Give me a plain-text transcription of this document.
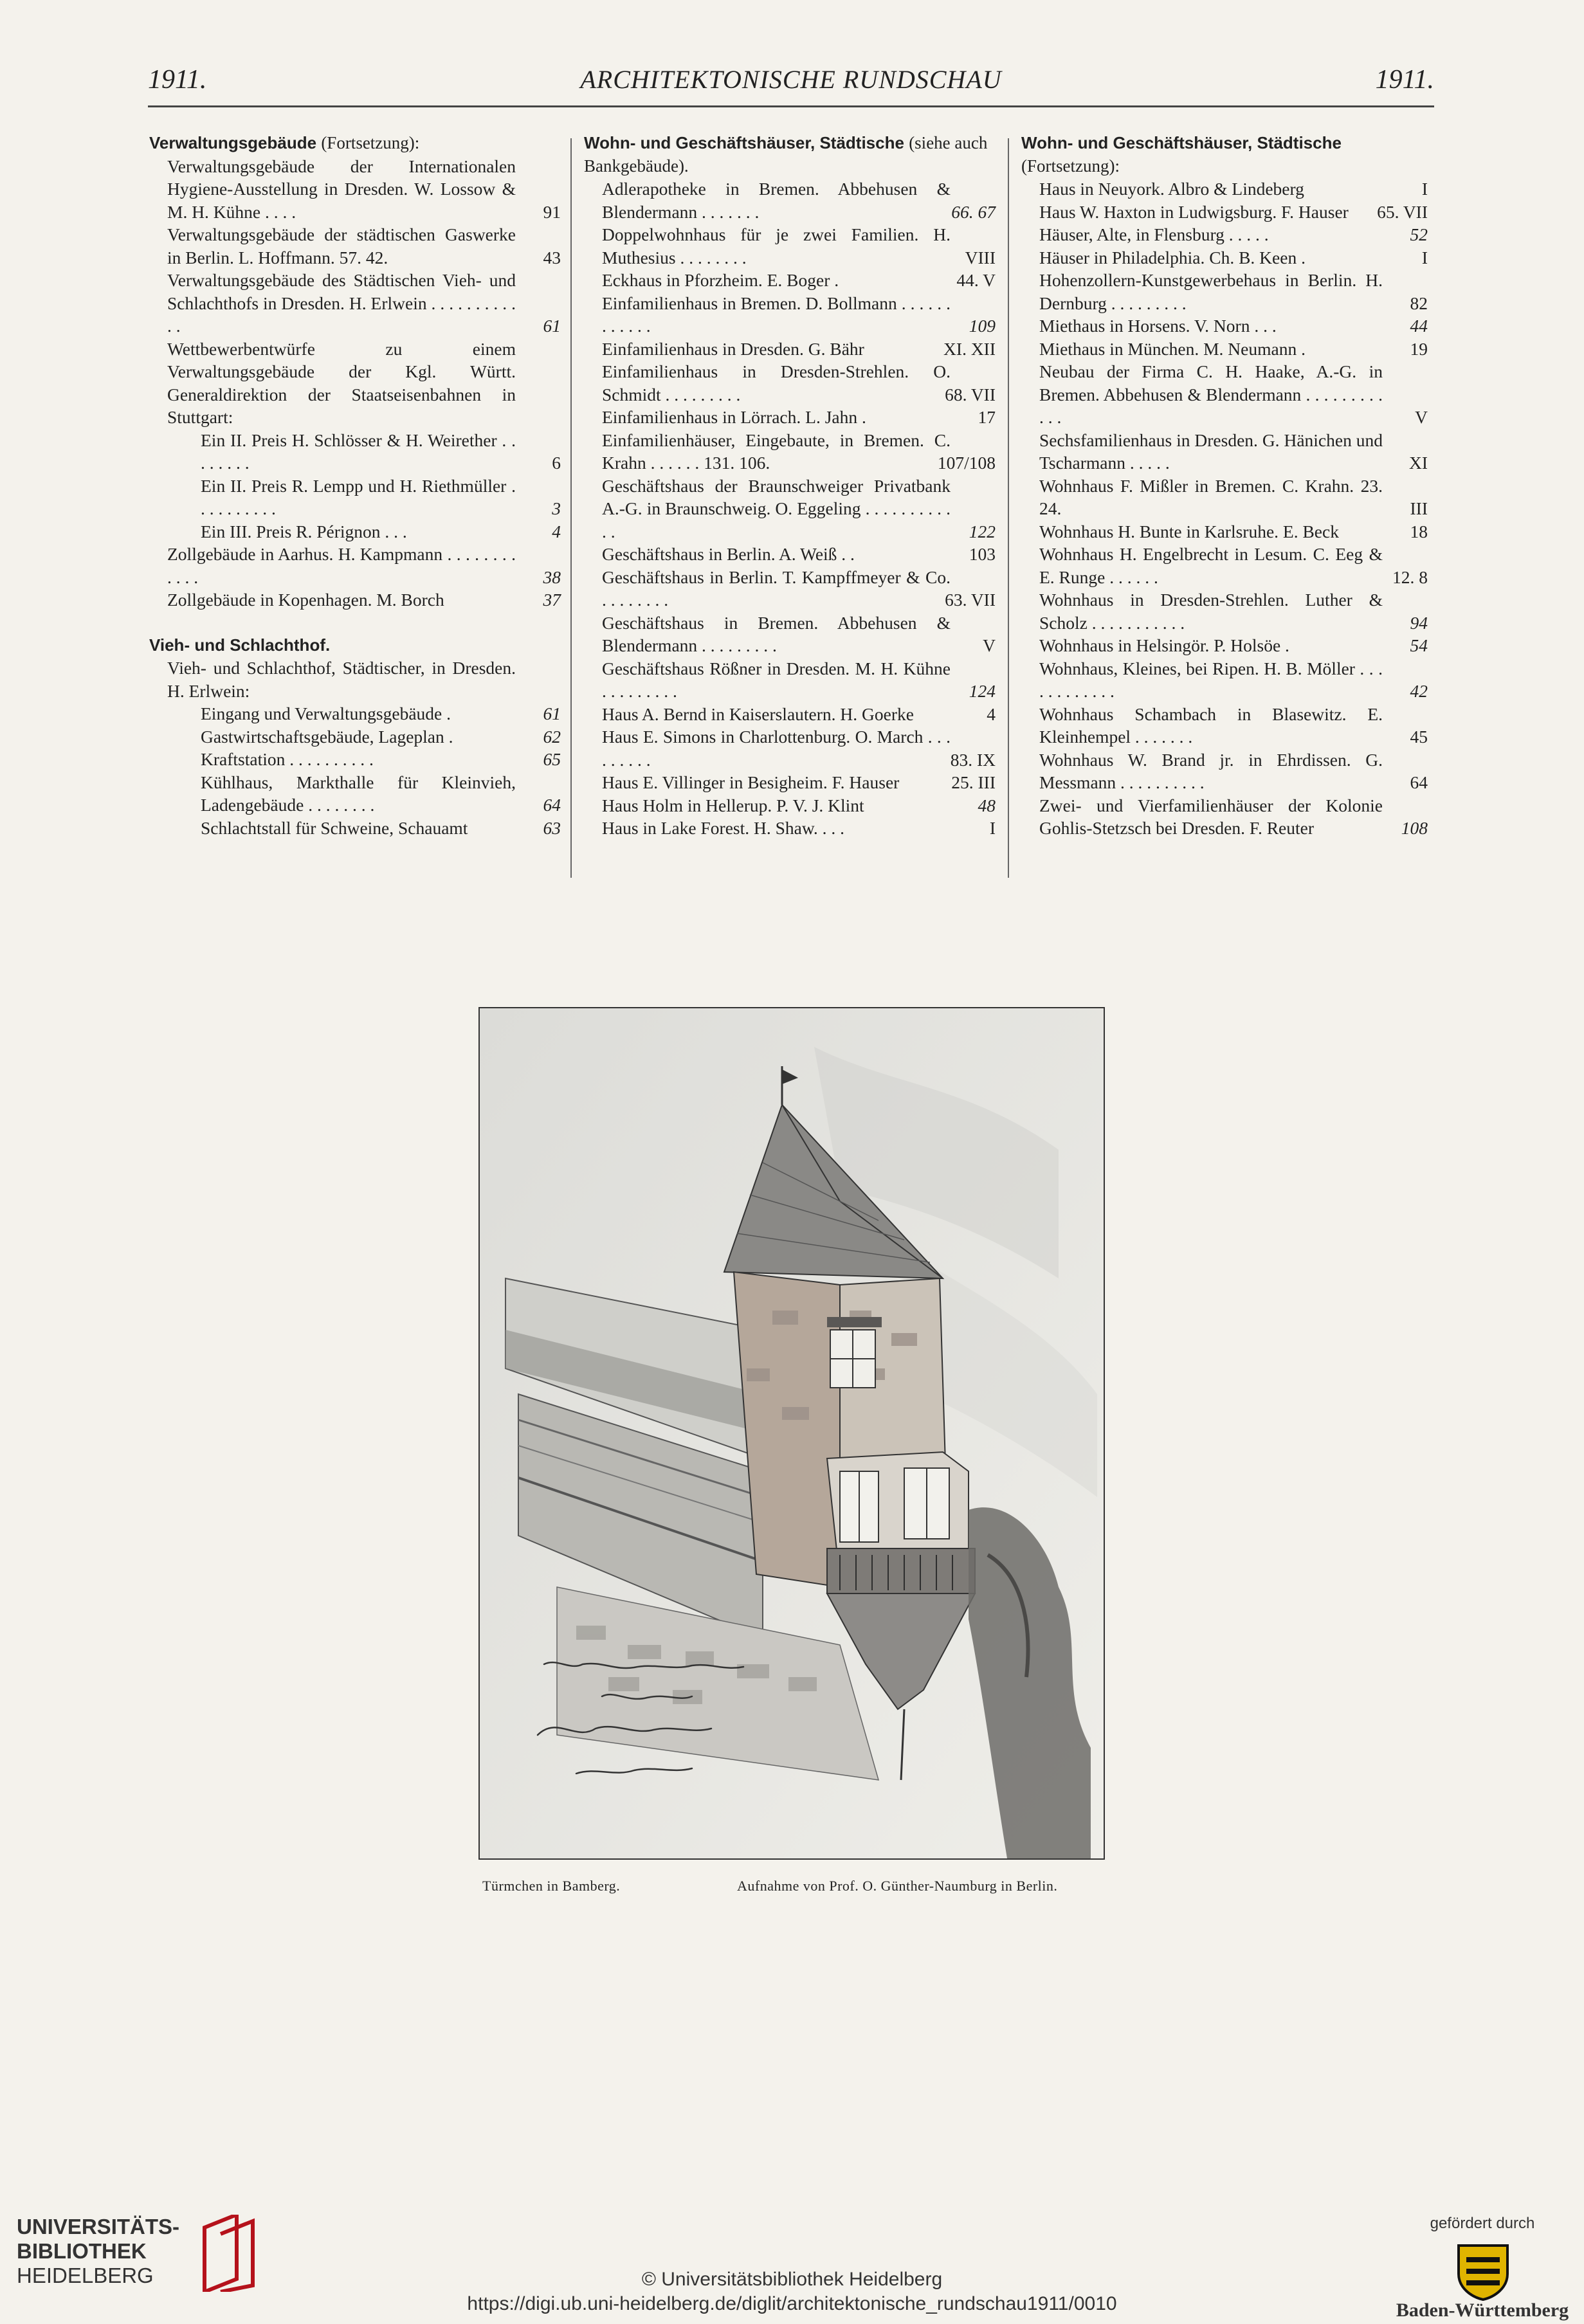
1911.	ARCHITEKTONISCHE RUNDSCHAU	1911.
Verwaltungsgebäude (Fortsetzung):
Verwaltungsgebäude der Internationalen Hygiene-Ausstellung in Dresden. W. Lossow & M. H. Kühne . . . .	91
Verwaltungsgebäude der städtischen Gaswerke in Berlin. L. Hoffmann. 57. 42.	43
Verwaltungsgebäude des Städtischen Vieh- und Schlachthofs in Dresden. H. Erlwein . . . . . . . . . . . .	61
Wettbewerbentwürfe zu einem Verwaltungsgebäude der Kgl. Württ. Generaldirektion der Staatseisenbahnen in Stuttgart:
Ein II. Preis H. Schlösser & H. Weirether . . . . . . . .	6
Ein II. Preis R. Lempp und H. Riethmüller . . . . . . . . . .	3
Ein III. Preis R. Pérignon . . .	4
Zollgebäude in Aarhus. H. Kampmann . . . . . . . . . . . .	38
Zollgebäude in Kopenhagen. M. Borch	37
Vieh- und Schlachthof.
Vieh- und Schlachthof, Städtischer, in Dresden. H. Erlwein:
Eingang und Verwaltungsgebäude .	61
Gastwirtschaftsgebäude, Lageplan .	62
Kraftstation . . . . . . . . . .	65
Kühlhaus, Markthalle für Kleinvieh, Ladengebäude . . . . . . . .	64
Schlachtstall für Schweine, Schauamt	63
Wohn- und Geschäftshäuser, Städtische (siehe auch Bankgebäude).
Adlerapotheke in Bremen. Abbehusen & Blendermann . . . . . . .	66. 67
Doppelwohnhaus für je zwei Familien. H. Muthesius . . . . . . . .	VIII
Eckhaus in Pforzheim. E. Boger .	44. V
Einfamilienhaus in Bremen. D. Bollmann . . . . . . . . . . . .	109
Einfamilienhaus in Dresden. G. Bähr	XI. XII
Einfamilienhaus in Dresden-Strehlen. O. Schmidt . . . . . . . . .	68. VII
Einfamilienhaus in Lörrach. L. Jahn .	17
Einfamilienhäuser, Eingebaute, in Bremen. C. Krahn . . . . . . 131. 106.	107/108
Geschäftshaus der Braunschweiger Privatbank A.-G. in Braunschweig. O. Eggeling . . . . . . . . . . . .	122
Geschäftshaus in Berlin. A. Weiß . .	103
Geschäftshaus in Berlin. T. Kampffmeyer & Co. . . . . . . . .	63. VII
Geschäftshaus in Bremen. Abbehusen & Blendermann . . . . . . . . .	V
Geschäftshaus Rößner in Dresden. M. H. Kühne . . . . . . . . .	124
Haus A. Bernd in Kaiserslautern. H. Goerke	4
Haus E. Simons in Charlottenburg. O. March . . . . . . . . .	83. IX
Haus E. Villinger in Besigheim. F. Hauser	25. III
Haus Holm in Hellerup. P. V. J. Klint	48
Haus in Lake Forest. H. Shaw. . . .	I
Wohn- und Geschäftshäuser, Städtische (Fortsetzung):
Haus in Neuyork. Albro & Lindeberg	I
Haus W. Haxton in Ludwigsburg. F. Hauser 65. VII
Häuser, Alte, in Flensburg . . . . .	52
Häuser in Philadelphia. Ch. B. Keen .	I
Hohenzollern-Kunstgewerbehaus in Berlin. H. Dernburg . . . . . . . . .	82
Miethaus in Horsens. V. Norn . . .	44
Miethaus in München. M. Neumann .	19
Neubau der Firma C. H. Haake, A.-G. in Bremen. Abbehusen & Blendermann . . . . . . . . . . . .	V
Sechsfamilienhaus in Dresden. G. Hänichen und Tscharmann . . . . .	XI
Wohnhaus F. Mißler in Bremen. C. Krahn. 23. 24.	III
Wohnhaus H. Bunte in Karlsruhe. E. Beck	18
Wohnhaus H. Engelbrecht in Lesum. C. Eeg & E. Runge . . . . . .	12. 8
Wohnhaus in Dresden-Strehlen. Luther & Scholz . . . . . . . . . . .	94
Wohnhaus in Helsingör. P. Holsöe .	54
Wohnhaus, Kleines, bei Ripen. H. B. Möller . . . . . . . . . . . .	42
Wohnhaus Schambach in Blasewitz. E. Kleinhempel . . . . . . .	45
Wohnhaus W. Brand jr. in Ehrdissen. G. Messmann . . . . . . . . . .	64
Zwei- und Vierfamilienhäuser der Kolonie Gohlis-Stetzsch bei Dresden. F. Reuter	108
Türmchen in Bamberg.	Aufnahme von Prof. O. Günther-Naumburg in Berlin.
UNIVERSITÄTS-
BIBLIOTHEK
HEIDELBERG	© Universitätsbibliothek Heidelberg
https://digi.ub.uni-heidelberg.de/diglit/architektonische_rundschau1911/0010
gefördert durch
Baden-Württemberg
